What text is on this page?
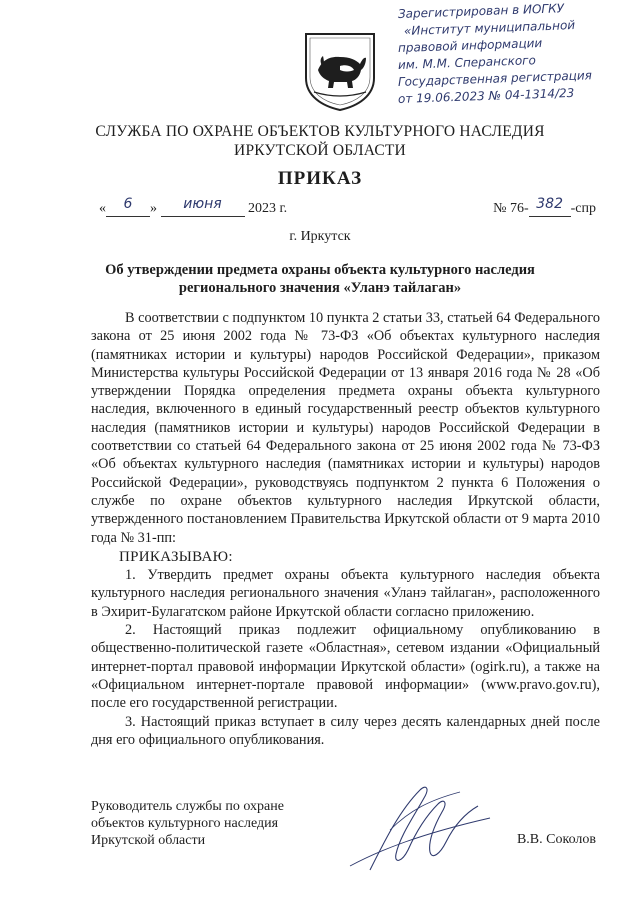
Зарегистрирован в ИОГКУ
«Институт муниципальной
правовой информации
им. М.М. Сперанского
Государственная регистрация
от 19.06.2023 № 04-1314/23
СЛУЖБА ПО ОХРАНЕ ОБЪЕКТОВ КУЛЬТУРНОГО НАСЛЕДИЯ
ИРКУТСКОЙ ОБЛАСТИ
ПРИКАЗ
« 6 » июня 2023 г.	№ 76- 382 -спр
г. Иркутск
Об утверждении предмета охраны объекта культурного наследия
регионального значения «Уланэ тайлаган»

В соответствии с подпунктом 10 пункта 2 статьи 33, статьей 64 Федерального закона от 25 июня 2002 года № 73-ФЗ «Об объектах культурного наследия (памятниках истории и культуры) народов Российской Федерации», приказом Министерства культуры Российской Федерации от 13 января 2016 года № 28 «Об утверждении Порядка определения предмета охраны объекта культурного наследия, включенного в единый государственный реестр объектов культурного наследия (памятников истории и культуры) народов Российской Федерации в соответствии со статьей 64 Федерального закона от 25 июня 2002 года № 73-ФЗ «Об объектах культурного наследия (памятниках истории и культуры) народов Российской Федерации», руководствуясь подпунктом 2 пункта 6 Положения о службе по охране объектов культурного наследия Иркутской области, утвержденного постановлением Правительства Иркутской области от 9 марта 2010 года № 31-пп:

ПРИКАЗЫВАЮ:

1. Утвердить предмет охраны объекта культурного наследия объекта культурного наследия регионального значения «Уланэ тайлаган», расположенного в Эхирит-Булагатском районе Иркутской области согласно приложению.

2. Настоящий приказ подлежит официальному опубликованию в общественно-политической газете «Областная», сетевом издании «Официальный интернет-портал правовой информации Иркутской области» (ogirk.ru), а также на «Официальном интернет-портале правовой информации» (www.pravo.gov.ru), после его государственной регистрации.

3. Настоящий приказ вступает в силу через десять календарных дней после дня его официального опубликования.

Руководитель службы по охране
объектов культурного наследия
Иркутской области	В.В. Соколов
